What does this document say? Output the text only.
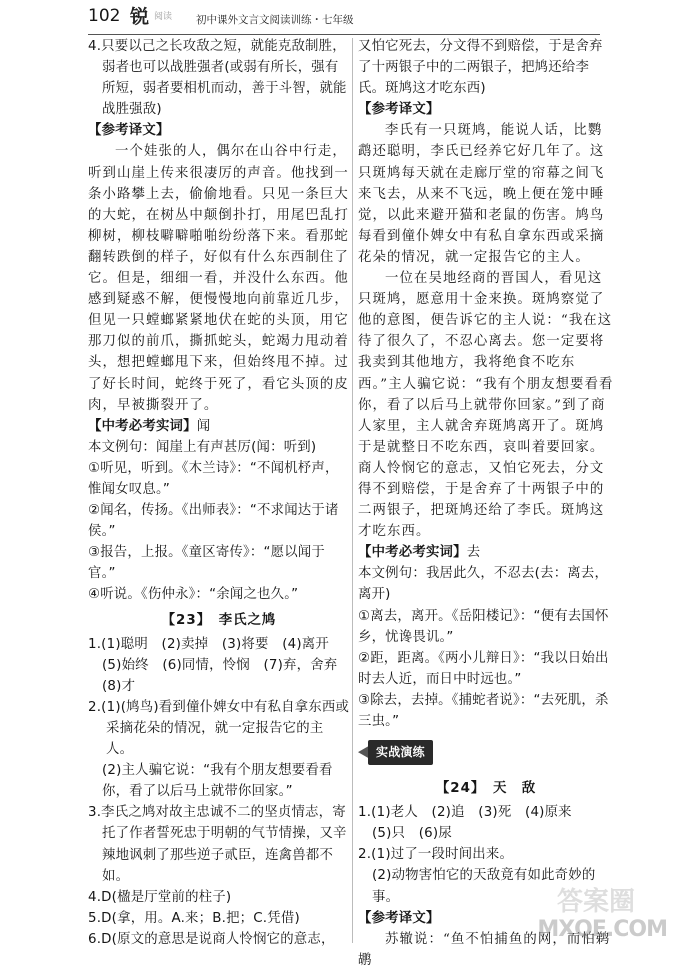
102 锐 阅读 初中课外文言文阅读训练・七年级

4.只要以己之长攻敌之短，就能克敌制胜，弱者也可以战胜强者(或弱有所长，强有所短，弱者要相机而动，善于斗智，就能战胜强敌)

【参考译文】

一个娃张的人，偶尔在山谷中行走，听到山崖上传来很凄厉的声音。他找到一条小路攀上去，偷偷地看。只见一条巨大的大蛇，在树丛中颠倒扑打，用尾巴乱打柳树，柳枝噼噼啪啪纷纷落下来。看那蛇翻转跌倒的样子，好似有什么东西制住了它。但是，细细一看，并没什么东西。他感到疑惑不解，便慢慢地向前靠近几步，但见一只螳螂紧紧地伏在蛇的头顶，用它那刀似的前爪，撕抓蛇头，蛇竭力甩动着头，想把螳螂甩下来，但始终甩不掉。过了好长时间，蛇终于死了，看它头顶的皮肉，早被撕裂开了。

【中考必考实词】闻

本文例句：闻崖上有声甚厉(闻：听到)

①听见，听到。《木兰诗》：“不闻机杼声，惟闻女叹息。”

②闻名，传扬。《出师表》：“不求闻达于诸侯。”

③报告，上报。《童区寄传》：“愿以闻于官。”

④听说。《伤仲永》：“余闻之也久。”

【23】 李氏之鸠

1.(1)聪明　(2)卖掉　(3)将要　(4)离开

(5)始终　(6)同情，怜悯　(7)弃，舍弃

(8)才

2.(1)(鸠鸟)看到僮仆婢女中有私自拿东西或采摘花朵的情况，就一定报告它的主人。

(2)主人骗它说：“我有个朋友想要看看你，看了以后马上就带你回家。”

3.李氏之鸠对故主忠诚不二的坚贞情志，寄托了作者誓死忠于明朝的气节情操，又辛辣地讽刺了那些逆子贰臣，连禽兽都不如。

4.D(楹是厅堂前的柱子)

5.D(拿，用。A.来；B.把；C.凭借)

6.D(原文的意思是说商人怜悯它的意志，

又怕它死去，分文得不到赔偿，于是舍弃了十两银子中的二两银子，把鸠还给李氏。斑鸠这才吃东西)

【参考译文】

李氏有一只斑鸠，能说人话，比鹦鹉还聪明，李氏已经养它好几年了。这只斑鸠每天就在走廊厅堂的帘幕之间飞来飞去，从来不飞远，晚上便在笼中睡觉，以此来避开猫和老鼠的伤害。鸠鸟每看到僮仆婢女中有私自拿东西或采摘花朵的情况，就一定报告它的主人。

一位在吴地经商的晋国人，看见这只斑鸠，愿意用十金来换。斑鸠察觉了他的意图，便告诉它的主人说：“我在这待了很久了，不忍心离去。您一定要将我卖到其他地方，我将绝食不吃东西。”主人骗它说：“我有个朋友想要看看你，看了以后马上就带你回家。”到了商人家里，主人就舍弃斑鸠离开了。斑鸠于是就整日不吃东西，哀叫着要回家。商人怜悯它的意志，又怕它死去，分文得不到赔偿，于是舍弃了十两银子中的二两银子，把斑鸠还给了李氏。斑鸠这才吃东西。

【中考必考实词】去

本文例句：我居此久，不忍去(去：离去，离开)

①离去，离开。《岳阳楼记》：“便有去国怀乡，忧谗畏讥。”

②距，距离。《两小儿辩日》：“我以日始出时去人近，而日中时远也。”

③除去，去掉。《捕蛇者说》：“去死肌，杀三虫。”

实战演练

【24】 天　敌

1.(1)老人　(2)追　(3)死　(4)原来

(5)只　(6)尿

2.(1)过了一段时间出来。

(2)动物害怕它的天敌竟有如此奇妙的事。

【参考译文】

苏辙说：“鱼不怕捕鱼的网，而怕鹈鹕

答案圈
MXQE.COM
